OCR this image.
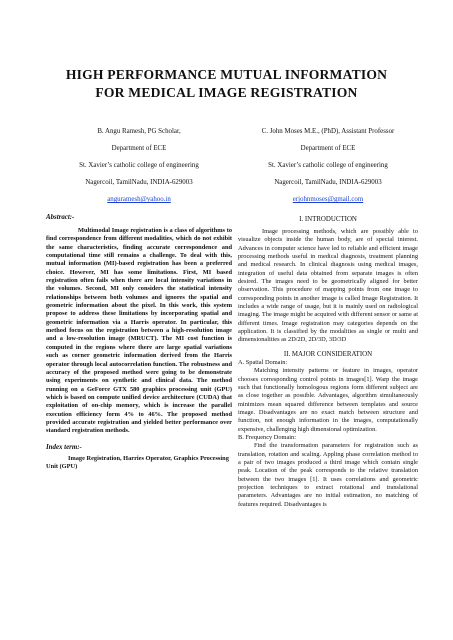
HIGH PERFORMANCE MUTUAL INFORMATION
FOR MEDICAL IMAGE REGISTRATION
B. Angu Ramesh, PG Scholar,
Department of ECE
St. Xavier’s catholic college of engineering
Nagercoil, TamilNadu, INDIA-629003
anguramesh@yahoo.in
Abstract:-
Multimodal Image registration is a class of algorithms to find correspondence from different modalities, which do not exhibit the same characteristics, finding accurate correspondence and computational time still remains a challenge. To deal with this, mutual information (MI)-based registration has been a preferred choice. However, MI has some limitations. First, MI based registration often fails when there are local intensity variations in the volumes. Second, MI only considers the statistical intensity relationships between both volumes and ignores the spatial and geometric information about the pixel. In this work, this system propose to address these limitations by incorporating spatial and geometric information via a Harris operator. In particular, this method focus on the registration between a high-resolution image and a low-resolution image (MRUCT). The MI cost function is computed in the regions where there are large spatial variations such as corner geometric information derived from the Harris operator through local autocorrelation function. The robustness and accuracy of the proposed method were going to be demonstrate using experiments on synthetic and clinical data. The method running on a GeForce GTX 580 graphics processing unit (GPU) which is based on compute unified device architecture (CUDA) that exploitation of on-chip memory, which is increase the parallel execution efficiency form 4% to 46%. The proposed method provided accurate registration and yielded better performance over standard registration methods.
Index term:-
Image Registration, Harries Operator, Graphics Processing Unit (GPU)
C. John Moses M.E., (PhD), Assistant Professor
Department of ECE
St. Xavier’s catholic college of engineering
Nagercoil, TamilNadu, INDIA-629003
erjohnmoses@gmail.com
I. INTRODUCTION
Image processing methods, which are possibly able to visualize objects inside the human body, are of special interest. Advances in computer science have led to reliable and efficient image processing methods useful in medical diagnosis, treatment planning and medical research. In clinical diagnosis using medical images, integration of useful data obtained from separate images is often desired. The images need to be geometrically aligned for better observation. This procedure of mapping points from one image to corresponding points in another image is called Image Registration. It includes a wide range of usage, but it is mainly used on radiological imaging. The image might be acquired with different sensor or same at different times. Image registration may categories depends on the application. It is classified by the modalities as single or multi and dimensionalities as 2D/2D, 2D/3D, 3D/3D
II. MAJOR CONSIDERATION
A. Spatial Domain:
Matching intensity patterns or feature in images, operator chooses corresponding control points in images[1]. Warp the image such that functionally homologous regions form different subject are as close together as possible. Advantages, algorithm simultaneously minimizes mean squared difference between templates and source image. Disadvantages are no exact match between structure and function, not enough information in the images, computationally expensive, challenging high dimensional optimization.
B. Frequency Domain:
Find the transformation parameters for registration such as translation, rotation and scaling. Appling phase correlation method to a pair of two images produced a third image which contain single peak. Location of the peak corresponds to the relative translation between the two images [1]. It uses correlations and geometric projection techniques to extract rotational and translational parameters. Advantages are no initial estimation, no matching of features required. Disadvantages is
